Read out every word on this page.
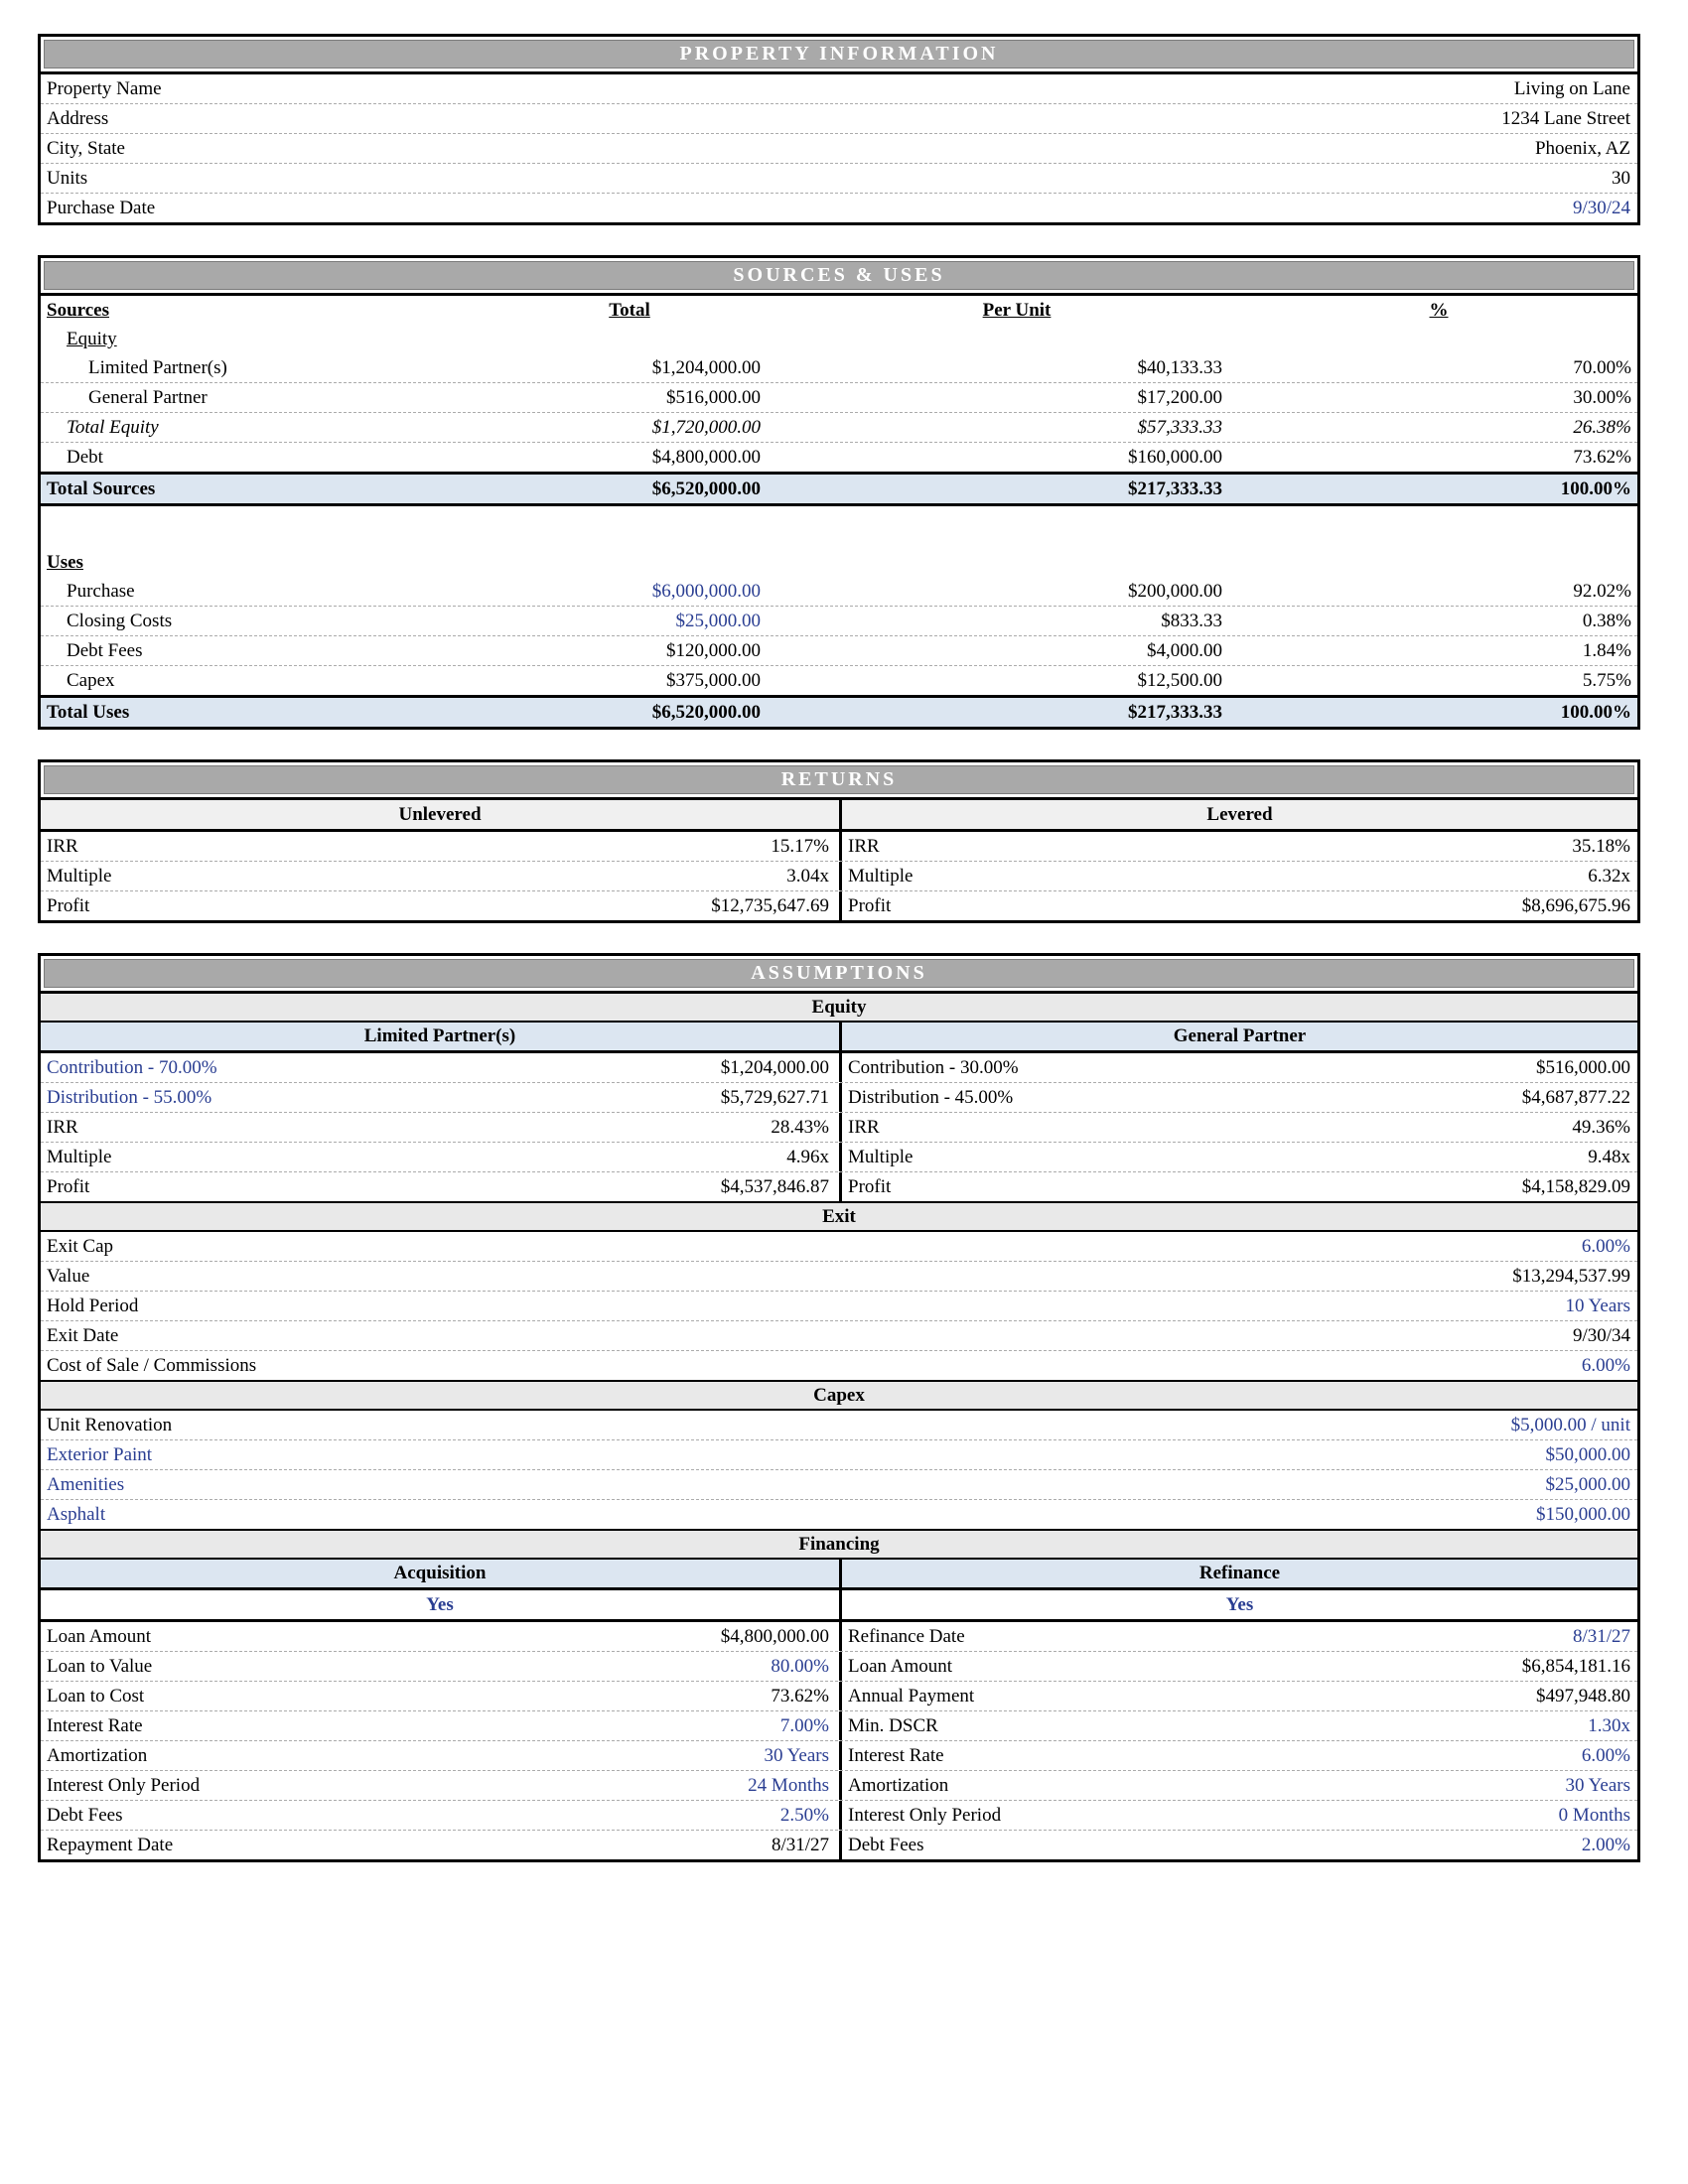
PROPERTY INFORMATION
Property Name	Living on Lane
Address	1234 Lane Street
City, State	Phoenix, AZ
Units	30
Purchase Date	9/30/24
SOURCES & USES
Sources	Total	Per Unit	%
Equity
Limited Partner(s)	$1,204,000.00	$40,133.33	70.00%
General Partner	$516,000.00	$17,200.00	30.00%
Total Equity	$1,720,000.00	$57,333.33	26.38%
Debt	$4,800,000.00	$160,000.00	73.62%
Total Sources	$6,520,000.00	$217,333.33	100.00%
Uses
Purchase	$6,000,000.00	$200,000.00	92.02%
Closing Costs	$25,000.00	$833.33	0.38%
Debt Fees	$120,000.00	$4,000.00	1.84%
Capex	$375,000.00	$12,500.00	5.75%
Total Uses	$6,520,000.00	$217,333.33	100.00%
RETURNS
Unlevered	Levered
IRR	15.17%	IRR	35.18%
Multiple	3.04x	Multiple	6.32x
Profit	$12,735,647.69	Profit	$8,696,675.96
ASSUMPTIONS
Equity
Limited Partner(s)	General Partner
Contribution - 70.00%	$1,204,000.00	Contribution - 30.00%	$516,000.00
Distribution - 55.00%	$5,729,627.71	Distribution - 45.00%	$4,687,877.22
IRR	28.43%	IRR	49.36%
Multiple	4.96x	Multiple	9.48x
Profit	$4,537,846.87	Profit	$4,158,829.09
Exit
Exit Cap	6.00%
Value	$13,294,537.99
Hold Period	10 Years
Exit Date	9/30/34
Cost of Sale / Commissions	6.00%
Capex
Unit Renovation	$5,000.00 / unit
Exterior Paint	$50,000.00
Amenities	$25,000.00
Asphalt	$150,000.00
Financing
Acquisition	Refinance
Yes	Yes
Loan Amount	$4,800,000.00	Refinance Date	8/31/27
Loan to Value	80.00%	Loan Amount	$6,854,181.16
Loan to Cost	73.62%	Annual Payment	$497,948.80
Interest Rate	7.00%	Min. DSCR	1.30x
Amortization	30 Years	Interest Rate	6.00%
Interest Only Period	24 Months	Amortization	30 Years
Debt Fees	2.50%	Interest Only Period	0 Months
Repayment Date	8/31/27	Debt Fees	2.00%
